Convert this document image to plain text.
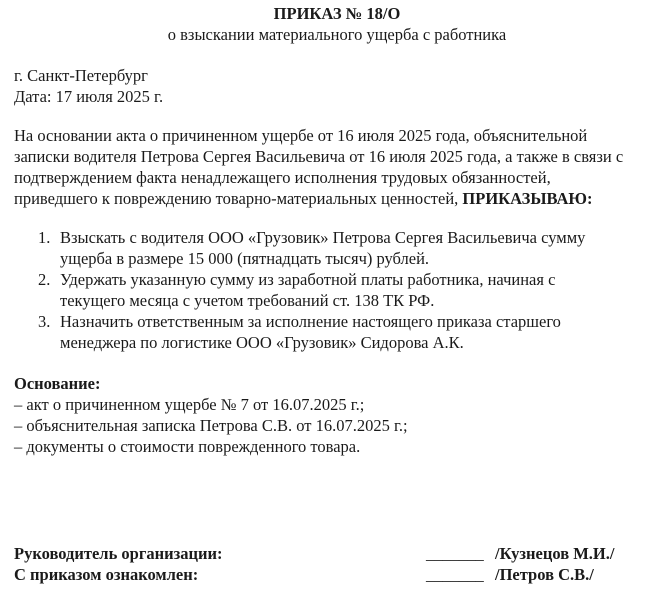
ПРИКАЗ № 18/О

о взыскании материального ущерба с работника

г. Санкт-Петербург
Дата: 17 июля 2025 г.
На основании акта о причиненном ущербе от 16 июля 2025 года, объяснительной записки водителя Петрова Сергея Васильевича от 16 июля 2025 года, а также в связи с подтверждением факта ненадлежащего исполнения трудовых обязанностей, приведшего к повреждению товарно-материальных ценностей, ПРИКАЗЫВАЮ:
1. Взыскать с водителя ООО «Грузовик» Петрова Сергея Васильевича сумму ущерба в размере 15 000 (пятнадцать тысяч) рублей.
2. Удержать указанную сумму из заработной платы работника, начиная с текущего месяца с учетом требований ст. 138 ТК РФ.
3. Назначить ответственным за исполнение настоящего приказа старшего менеджера по логистике ООО «Грузовик» Сидорова А.К.
Основание:
– акт о причиненном ущербе № 7 от 16.07.2025 г.;
– объяснительная записка Петрова С.В. от 16.07.2025 г.;
– документы о стоимости поврежденного товара.
Руководитель организации:	_______ /Кузнецов М.И./
С приказом ознакомлен:	_______ /Петров С.В./
